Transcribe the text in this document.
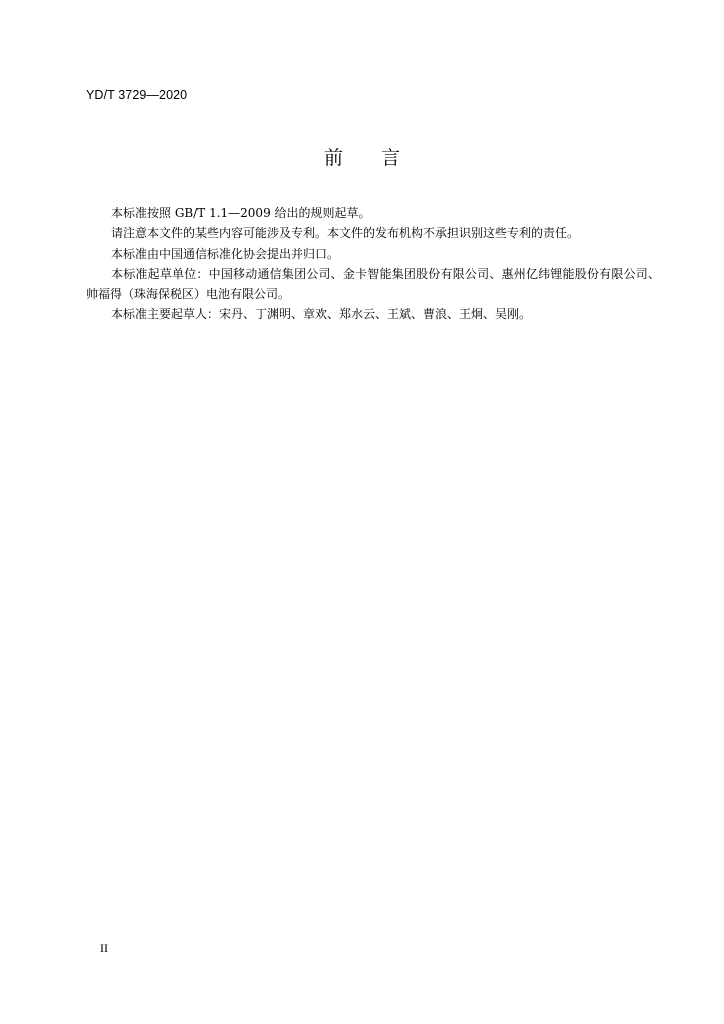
YD/T 3729—2020
前 言

本标准按照 GB/T 1.1—2009 给出的规则起草。

请注意本文件的某些内容可能涉及专利。本文件的发布机构不承担识别这些专利的责任。

本标准由中国通信标准化协会提出并归口。

本标准起草单位：中国移动通信集团公司、金卡智能集团股份有限公司、惠州亿纬锂能股份有限公司、帅福得（珠海保税区）电池有限公司。

本标准主要起草人：宋丹、丁渊明、章欢、郑水云、王斌、曹浪、王炯、吴刚。

II
